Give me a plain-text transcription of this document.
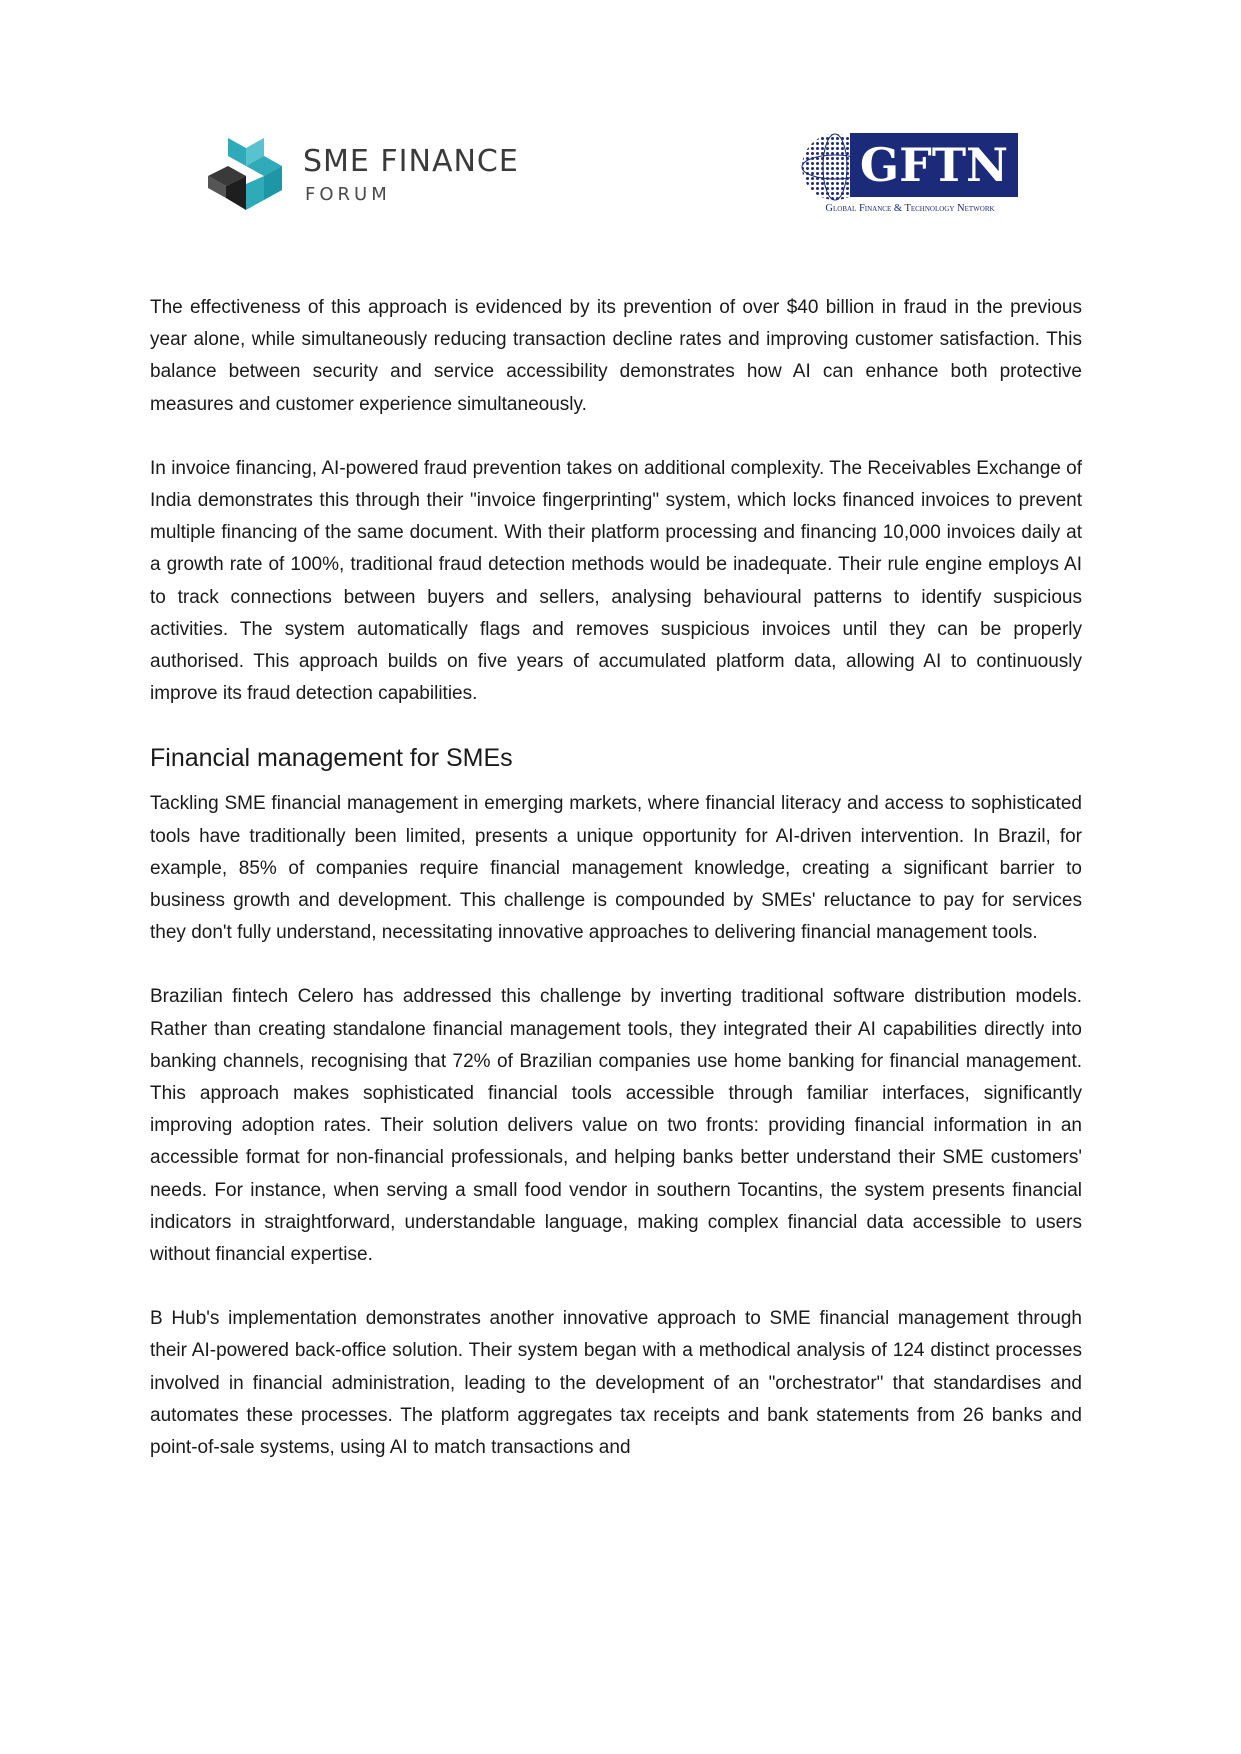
SME FINANCE
FORUM
GFTN
Global Finance & Technology Network

The effectiveness of this approach is evidenced by its prevention of over $40 billion in fraud in the previous year alone, while simultaneously reducing transaction decline rates and improving customer satisfaction. This balance between security and service accessibility demonstrates how AI can enhance both protective measures and customer experience simultaneously.

In invoice financing, AI-powered fraud prevention takes on additional complexity. The Receivables Exchange of India demonstrates this through their "invoice fingerprinting" system, which locks financed invoices to prevent multiple financing of the same document. With their platform processing and financing 10,000 invoices daily at a growth rate of 100%, traditional fraud detection methods would be inadequate. Their rule engine employs AI to track connections between buyers and sellers, analysing behavioural patterns to identify suspicious activities. The system automatically flags and removes suspicious invoices until they can be properly authorised. This approach builds on five years of accumulated platform data, allowing AI to continuously improve its fraud detection capabilities.

Financial management for SMEs

Tackling SME financial management in emerging markets, where financial literacy and access to sophisticated tools have traditionally been limited, presents a unique opportunity for AI-driven intervention. In Brazil, for example, 85% of companies require financial management knowledge, creating a significant barrier to business growth and development. This challenge is compounded by SMEs' reluctance to pay for services they don't fully understand, necessitating innovative approaches to delivering financial management tools.

Brazilian fintech Celero has addressed this challenge by inverting traditional software distribution models. Rather than creating standalone financial management tools, they integrated their AI capabilities directly into banking channels, recognising that 72% of Brazilian companies use home banking for financial management. This approach makes sophisticated financial tools accessible through familiar interfaces, significantly improving adoption rates. Their solution delivers value on two fronts: providing financial information in an accessible format for non-financial professionals, and helping banks better understand their SME customers' needs. For instance, when serving a small food vendor in southern Tocantins, the system presents financial indicators in straightforward, understandable language, making complex financial data accessible to users without financial expertise.

B Hub's implementation demonstrates another innovative approach to SME financial management through their AI-powered back-office solution. Their system began with a methodical analysis of 124 distinct processes involved in financial administration, leading to the development of an "orchestrator" that standardises and automates these processes. The platform aggregates tax receipts and bank statements from 26 banks and point-of-sale systems, using AI to match transactions and
